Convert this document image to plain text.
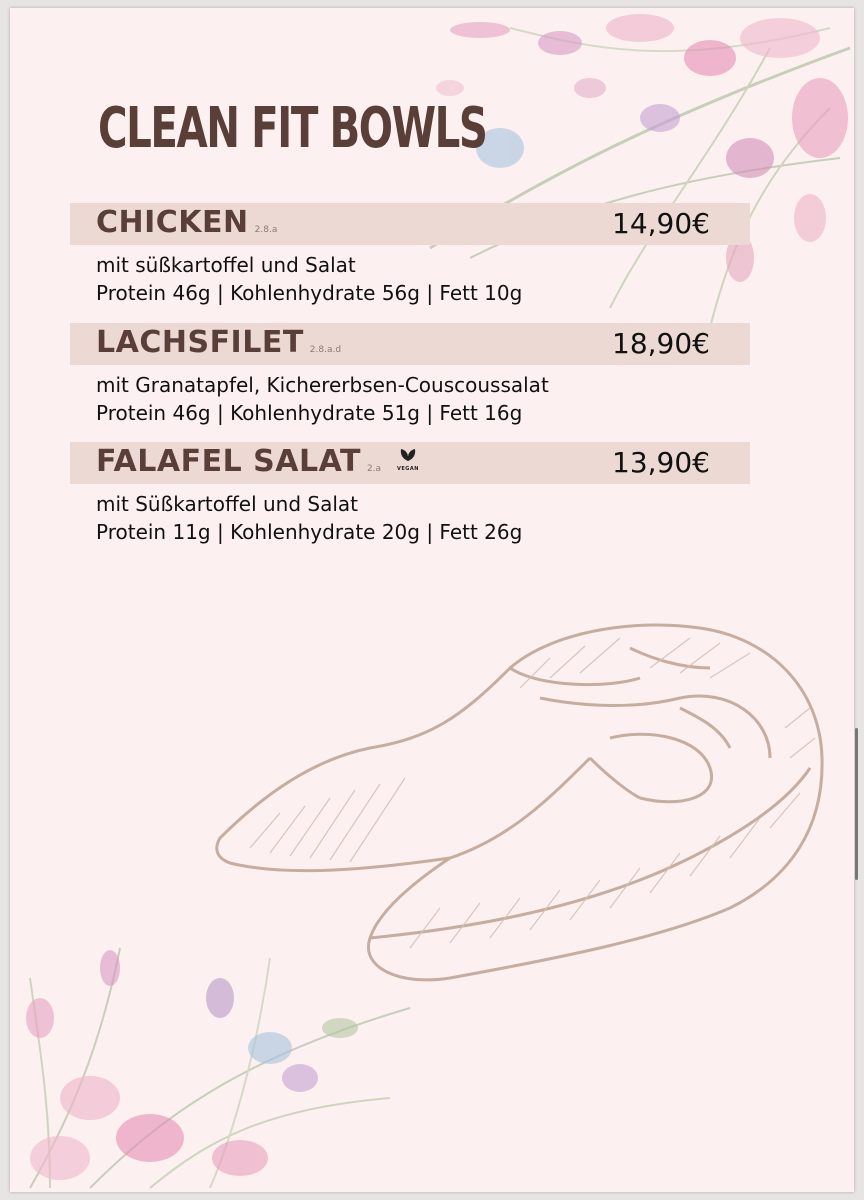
CLEAN FIT BOWLS
CHICKEN 2.8.a	14,90€
mit süßkartoffel und Salat
Protein 46g | Kohlenhydrate 56g | Fett 10g
LACHSFILET 2.8.a.d	18,90€
mit Granatapfel, Kichererbsen-Couscoussalat
Protein 46g | Kohlenhydrate 51g | Fett 16g
FALAFEL SALAT 2.a	VEGAN	13,90€
mit Süßkartoffel und Salat
Protein 11g | Kohlenhydrate 20g | Fett 26g
